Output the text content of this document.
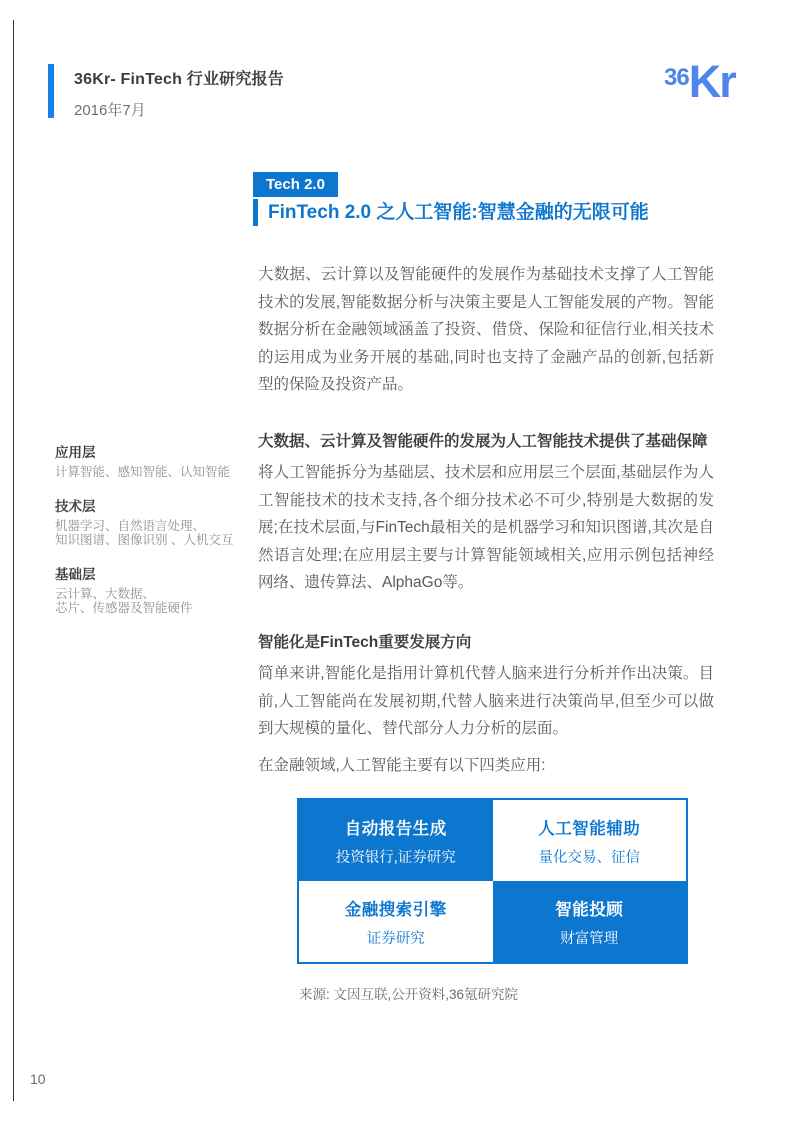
36Kr- FinTech 行业研究报告
2016年7月
36 Kr
Tech 2.0
FinTech 2.0 之人工智能:智慧金融的无限可能
大数据、云计算以及智能硬件的发展作为基础技术支撑了人工智能技术的发展,智能数据分析与决策主要是人工智能发展的产物。智能数据分析在金融领域涵盖了投资、借贷、保险和征信行业,相关技术的运用成为业务开展的基础,同时也支持了金融产品的创新,包括新型的保险及投资产品。
应用层
计算智能、感知智能、认知智能
技术层
机器学习、自然语言处理、
知识图谱、图像识别 、人机交互
基础层
云计算、大数据、
芯片、传感器及智能硬件
大数据、云计算及智能硬件的发展为人工智能技术提供了基础保障
将人工智能拆分为基础层、技术层和应用层三个层面,基础层作为人工智能技术的技术支持,各个细分技术必不可少,特别是大数据的发展;在技术层面,与FinTech最相关的是机器学习和知识图谱,其次是自然语言处理;在应用层主要与计算智能领域相关,应用示例包括神经网络、遗传算法、AlphaGo等。
智能化是FinTech重要发展方向
简单来讲,智能化是指用计算机代替人脑来进行分析并作出决策。目前,人工智能尚在发展初期,代替人脑来进行决策尚早,但至少可以做到大规模的量化、替代部分人力分析的层面。
在金融领域,人工智能主要有以下四类应用:
自动报告生成
投资银行,证券研究
人工智能辅助
量化交易、征信
金融搜索引擎
证券研究
智能投顾
财富管理
来源: 文因互联,公开资料,36氪研究院
10
